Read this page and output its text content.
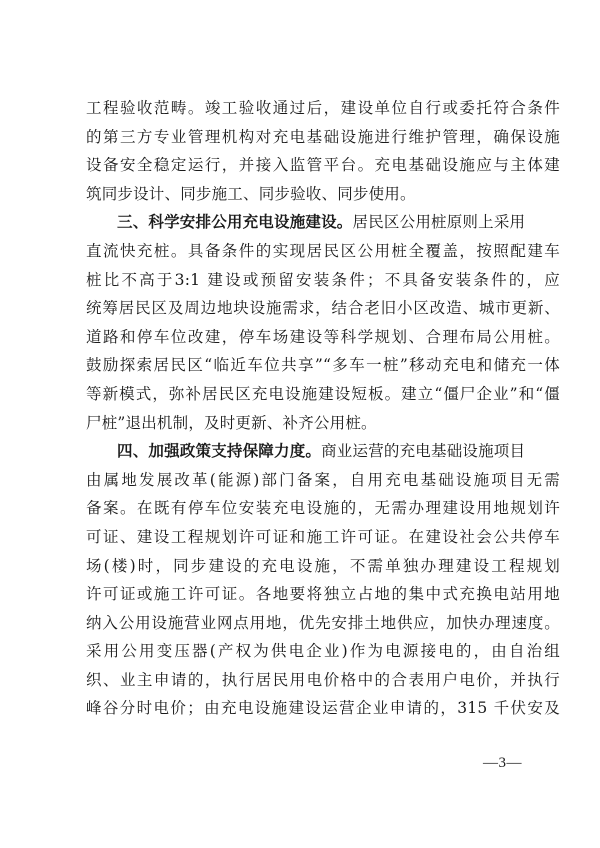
工程验收范畴。竣工验收通过后，建设单位自行或委托符合条件
的第三方专业管理机构对充电基础设施进行维护管理，确保设施
设备安全稳定运行，并接入监管平台。充电基础设施应与主体建
筑同步设计、同步施工、同步验收、同步使用。
三、科学安排公用充电设施建设。居民区公用桩原则上采用
直流快充桩。具备条件的实现居民区公用桩全覆盖，按照配建车
桩比不高于3:1 建设或预留安装条件；不具备安装条件的，应
统筹居民区及周边地块设施需求，结合老旧小区改造、城市更新、
道路和停车位改建，停车场建设等科学规划、合理布局公用桩。
鼓励探索居民区“临近车位共享”“多车一桩”移动充电和储充一体
等新模式，弥补居民区充电设施建设短板。建立“僵尸企业”和“僵
尸桩”退出机制，及时更新、补齐公用桩。
四、加强政策支持保障力度。商业运营的充电基础设施项目
由属地发展改革(能源)部门备案，自用充电基础设施项目无需
备案。在既有停车位安装充电设施的，无需办理建设用地规划许
可证、建设工程规划许可证和施工许可证。在建设社会公共停车
场(楼)时，同步建设的充电设施，不需单独办理建设工程规划
许可证或施工许可证。各地要将独立占地的集中式充换电站用地
纳入公用设施营业网点用地，优先安排土地供应，加快办理速度。
采用公用变压器(产权为供电企业)作为电源接电的，由自治组
织、业主申请的，执行居民用电价格中的合表用户电价，并执行
峰谷分时电价；由充电设施建设运营企业申请的，315 千伏安及
—3—
